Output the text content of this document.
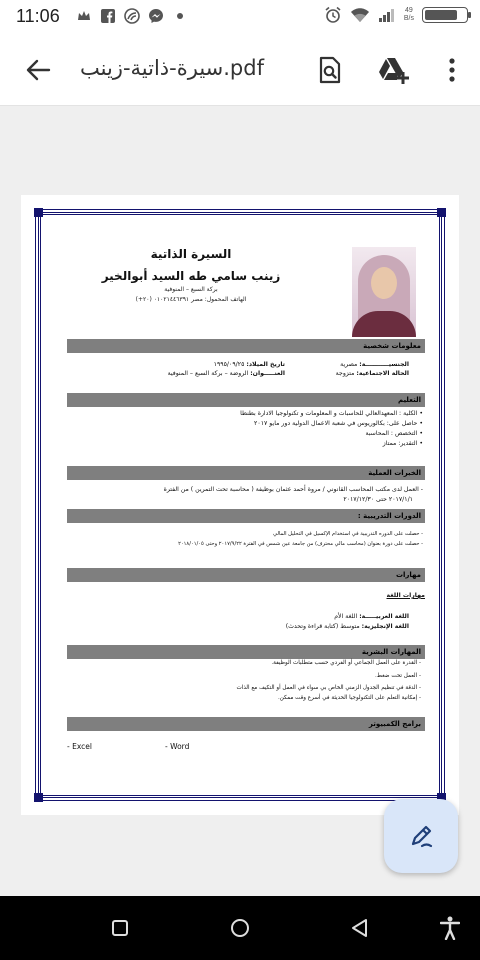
11:06	49
B/s
سيرة-ذاتية-زينب.pdf
السيرة الذاتية
زينب سامي طه السيد أبوالخير
بركة السبع – المنوفية
الهاتف المحمول: مصر ٠١٠٢١٤٤٦٣٩١ (٢٠+)
معلومات شخصية
الجنسيـــــــــــة: مصرية
تاريخ الميلاد: ١٩٩٥/٠٩/٢٥
الحالة الاجتماعية: متزوجة
العنـــــوان: الروضة – بركة السبع – المنوفية
التعليم
• الكلية : المعهدالعالي للحاسبات و المعلومات و تكنولوجيا الادارة بطنطا
• حاصل على: بكالوريوس في شعبة الاعمال الدولية دور مايو ٢٠١٧
• التخصص : المحاسبة
• التقدير: ممتاز
الخبرات العملية
- العمل لدى مكتب المحاسب القانوني / مروة أحمد عثمان بوظيفة ( محاسبة تحت التمرين ) من الفترة
٢٠١٧/١/١ حتى ٢٠١٧/١٢/٣٠
الدورات التدريبية :
- حصلت على الدوره التدريبية في استخدام الإكسيل في التحليل المالي
- حصلت على دورة بعنوان (محاسب مالي محترف) من جامعة عين شمس في الفترة ٢٠١٧/٩/٢٢ وحتى ٢٠١٨/٠١/٠٥
مهارات
مهارات اللغة
اللغة العربيـــــة: اللغة الأم
اللغة الإنجليزية: متوسط (كتابة قراءة وتحدث)
المهارات البشرية
- القدرة على العمل الجماعي أو الفردي حسب متطلبات الوظيفة.
- العمل تحت ضغط.
- الدقة في تنظيم الجدول الزمني الخاص بي سواء في العمل أو التكيف مع الذات
- إمكانية التعلم على التكنولوجيا الحديثة في أسرع وقت ممكن.
برامج الكمبيوتر
- Excel	- Word
